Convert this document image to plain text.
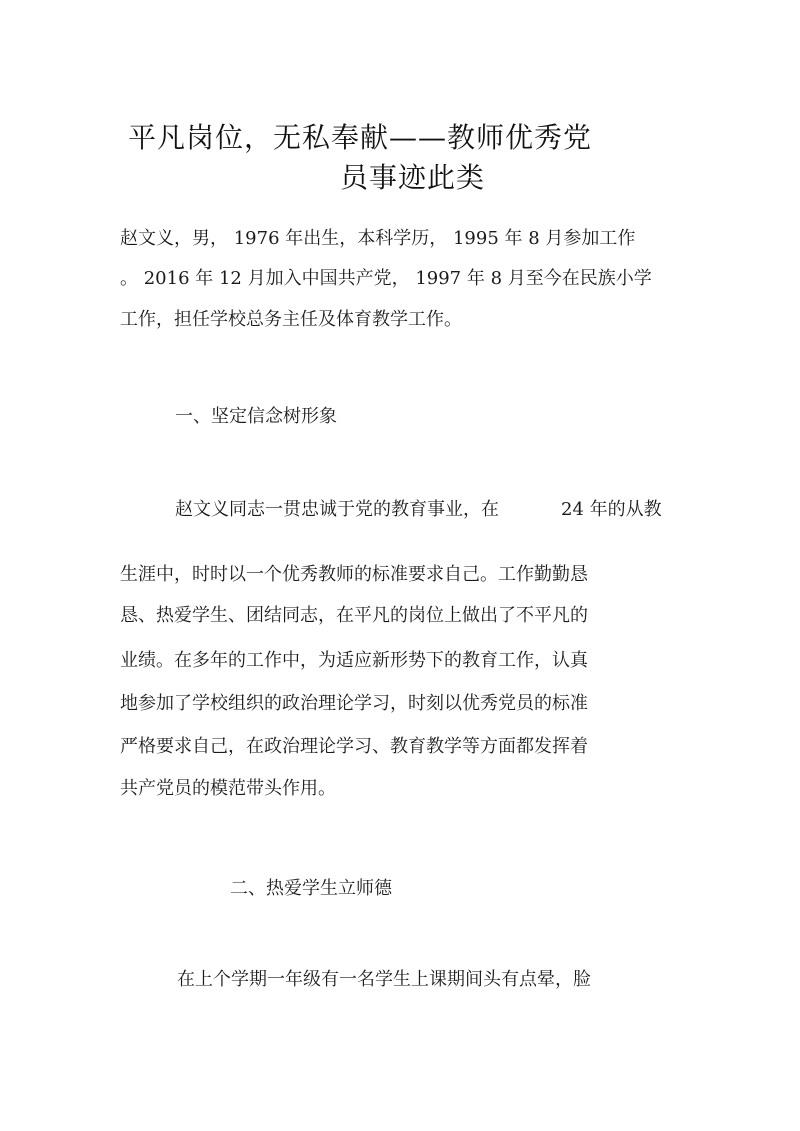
平凡岗位，无私奉献——教师优秀党
员事迹此类
赵文义，男， 1976 年出生，本科学历， 1995 年 8 月参加工作
。 2016 年 12 月加入中国共产党， 1997 年 8 月至今在民族小学
工作，担任学校总务主任及体育教学工作。
一、坚定信念树形象
赵文义同志一贯忠诚于党的教育事业，在	24 年的从教
生涯中，时时以一个优秀教师的标准要求自己。工作勤勤恳
恳、热爱学生、团结同志，在平凡的岗位上做出了不平凡的
业绩。在多年的工作中，为适应新形势下的教育工作，认真
地参加了学校组织的政治理论学习，时刻以优秀党员的标准
严格要求自己，在政治理论学习、教育教学等方面都发挥着
共产党员的模范带头作用。
二、热爱学生立师德
在上个学期一年级有一名学生上课期间头有点晕，脸
